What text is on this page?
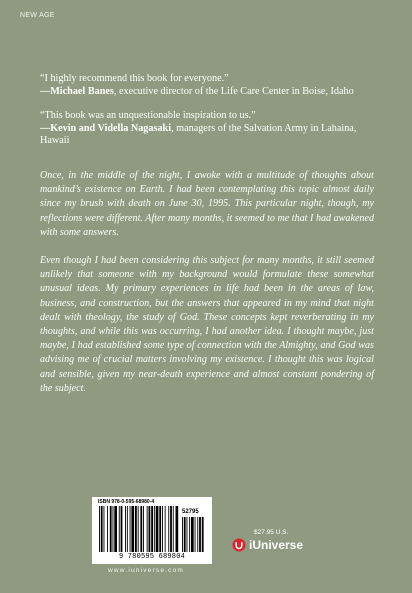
NEW AGE
“I highly recommend this book for everyone.”
—Michael Banes, executive director of the Life Care Center in Boise, Idaho
“This book was an unquestionable inspiration to us.”
—Kevin and Vidella Nagasaki, managers of the Salvation Army in Lahaina, Hawaii

Once, in the middle of the night, I awoke with a multitude of thoughts about mankind’s existence on Earth. I had been contemplating this topic almost daily since my brush with death on June 30, 1995. This particular night, though, my reflections were different. After many months, it seemed to me that I had awakened with some answers.

Even though I had been considering this subject for many months, it still seemed unlikely that someone with my background would formulate these somewhat unusual ideas. My primary experiences in life had been in the areas of law, business, and construction, but the answers that appeared in my mind that night dealt with theology, the study of God. These concepts kept reverberating in my thoughts, and while this was occurring, I had another idea. I thought maybe, just maybe, I had established some type of connection with the Almighty, and God was advising me of crucial matters involving my existence. I thought this was logical and sensible, given my near-death experience and almost constant pondering of the subject.

ISBN 978-0-595-68980-4
52795
9 780595 689804
www.iuniverse.com
$27.95 U.S.
iUniverse
